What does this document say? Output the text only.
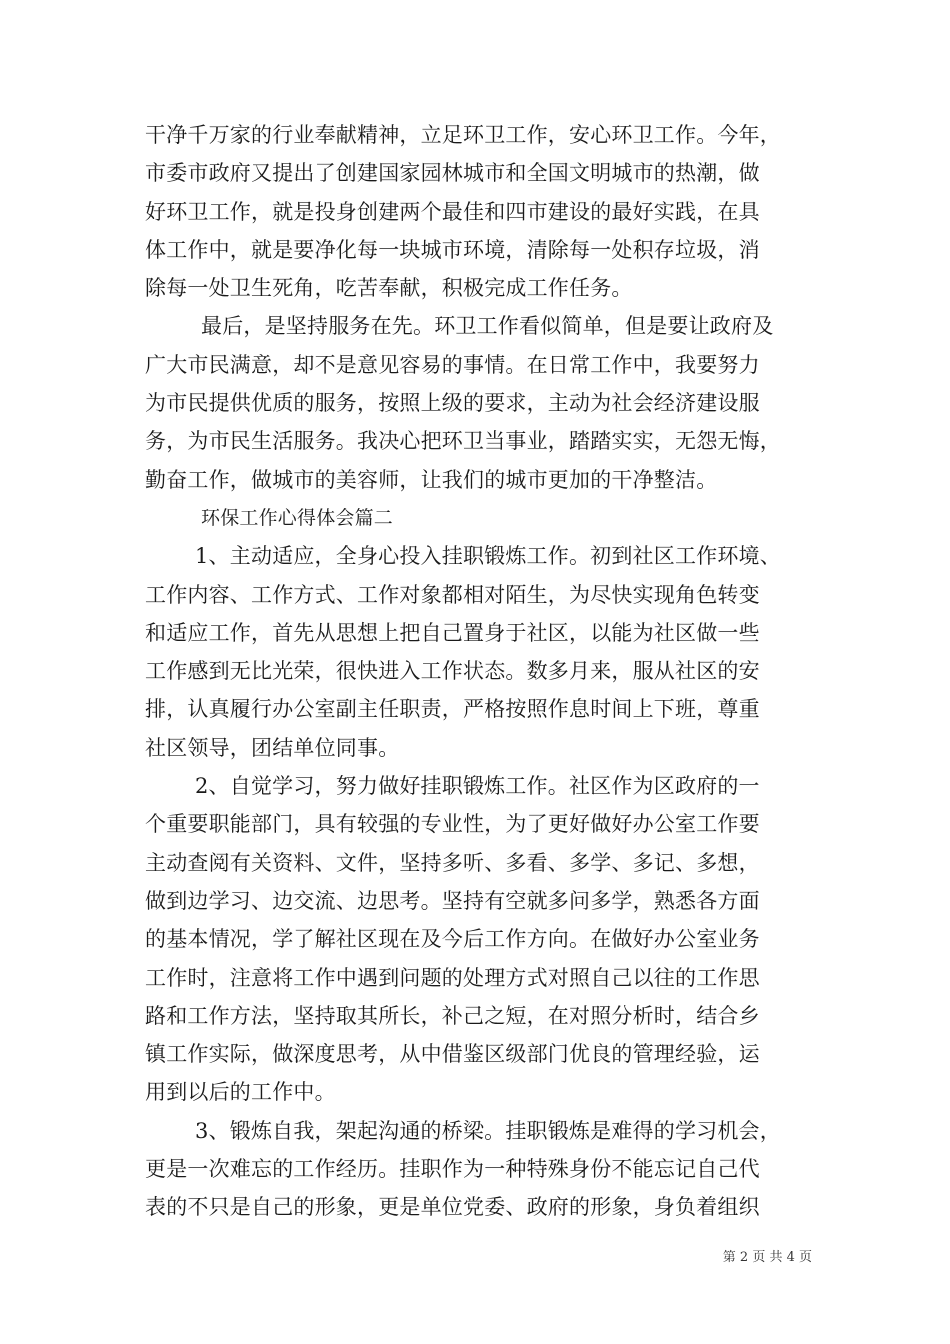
干净千万家的行业奉献精神，立足环卫工作，安心环卫工作。今年，
市委市政府又提出了创建国家园林城市和全国文明城市的热潮，做
好环卫工作，就是投身创建两个最佳和四市建设的最好实践，在具
体工作中，就是要净化每一块城市环境，清除每一处积存垃圾，消
除每一处卫生死角，吃苦奉献，积极完成工作任务。
最后，是坚持服务在先。环卫工作看似简单，但是要让政府及
广大市民满意，却不是意见容易的事情。在日常工作中，我要努力
为市民提供优质的服务，按照上级的要求，主动为社会经济建设服
务，为市民生活服务。我决心把环卫当事业，踏踏实实，无怨无悔，
勤奋工作，做城市的美容师，让我们的城市更加的干净整洁。
环保工作心得体会篇二
1、主动适应，全身心投入挂职锻炼工作。初到社区工作环境、
工作内容、工作方式、工作对象都相对陌生，为尽快实现角色转变
和适应工作，首先从思想上把自己置身于社区，以能为社区做一些
工作感到无比光荣，很快进入工作状态。数多月来，服从社区的安
排，认真履行办公室副主任职责，严格按照作息时间上下班，尊重
社区领导，团结单位同事。
2、自觉学习，努力做好挂职锻炼工作。社区作为区政府的一
个重要职能部门，具有较强的专业性，为了更好做好办公室工作要
主动查阅有关资料、文件，坚持多听、多看、多学、多记、多想，
做到边学习、边交流、边思考。坚持有空就多问多学，熟悉各方面
的基本情况，学了解社区现在及今后工作方向。在做好办公室业务
工作时，注意将工作中遇到问题的处理方式对照自己以往的工作思
路和工作方法，坚持取其所长，补己之短，在对照分析时，结合乡
镇工作实际，做深度思考，从中借鉴区级部门优良的管理经验，运
用到以后的工作中。
3、锻炼自我，架起沟通的桥梁。挂职锻炼是难得的学习机会，
更是一次难忘的工作经历。挂职作为一种特殊身份不能忘记自己代
表的不只是自己的形象，更是单位党委、政府的形象，身负着组织
第 2 页 共 4 页
